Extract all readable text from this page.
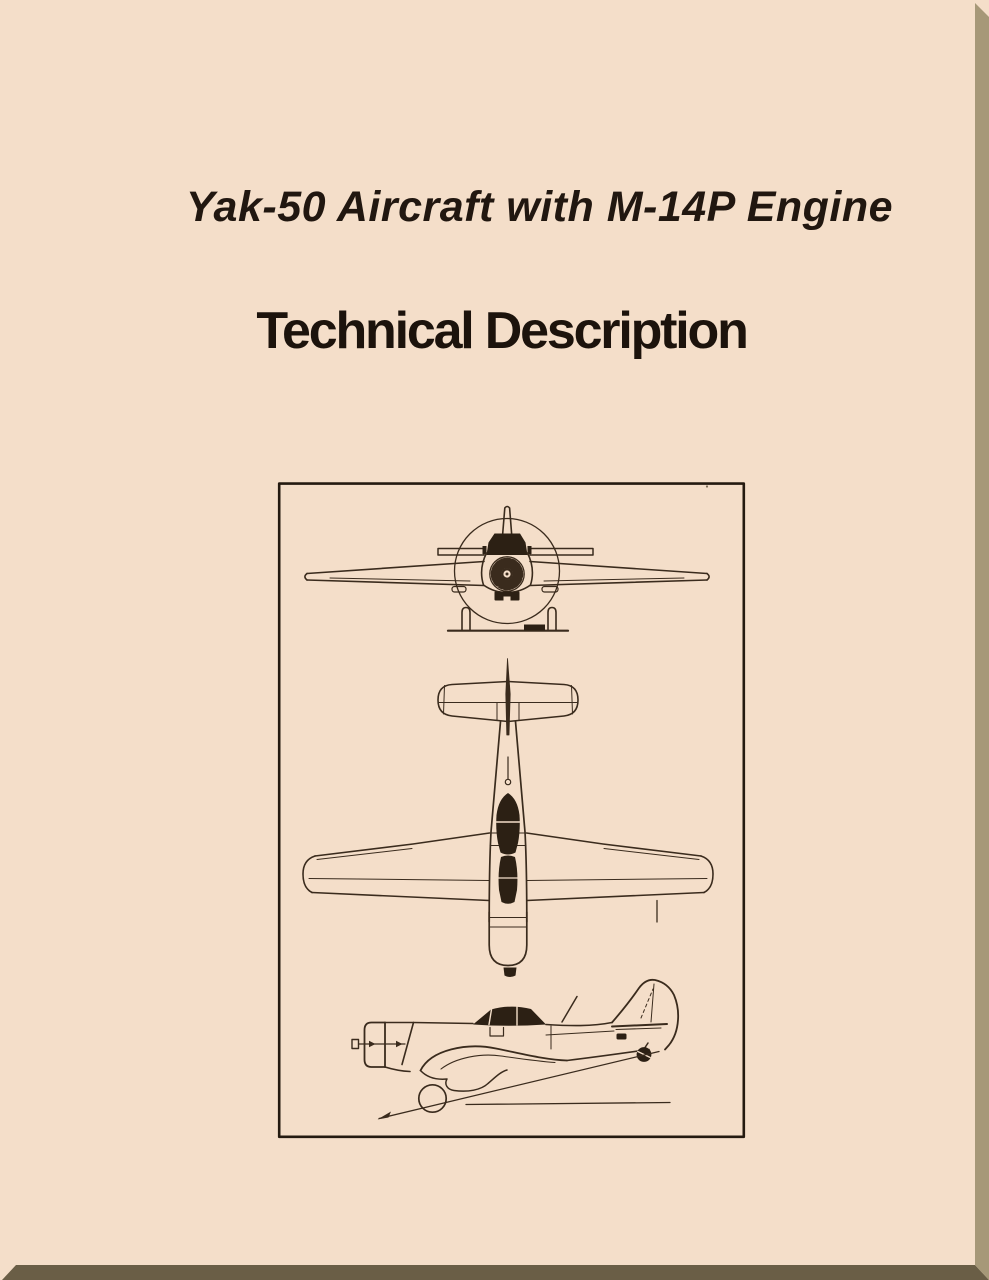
Yak-50 Aircraft with M-14P Engine
Technical Description
